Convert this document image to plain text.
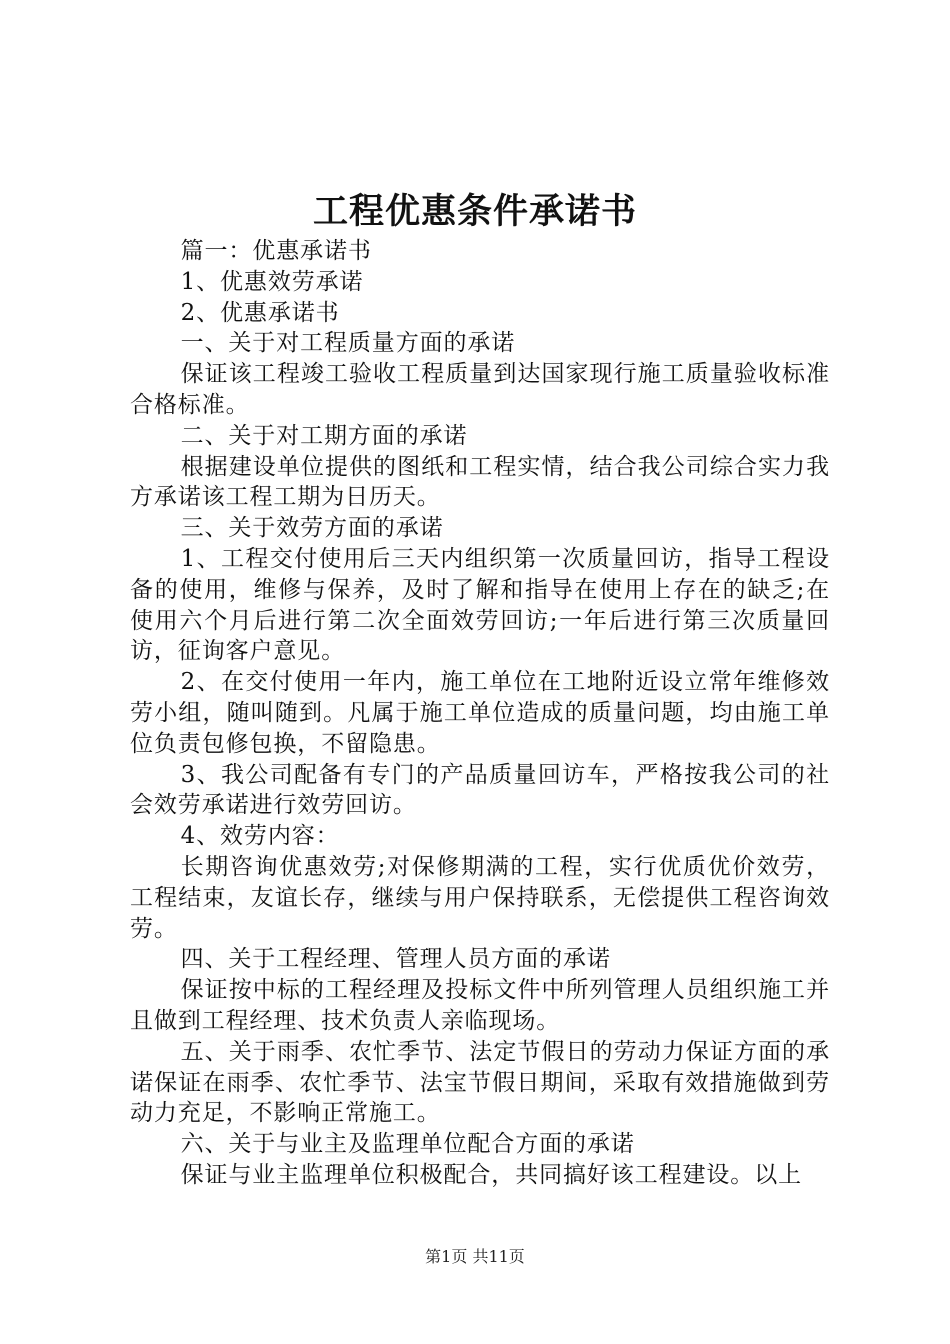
工程优惠条件承诺书

篇一：优惠承诺书

1、优惠效劳承诺

2、优惠承诺书

一、关于对工程质量方面的承诺

保证该工程竣工验收工程质量到达国家现行施工质量验收标准合格标准。

二、关于对工期方面的承诺

根据建设单位提供的图纸和工程实情，结合我公司综合实力我方承诺该工程工期为日历天。

三、关于效劳方面的承诺

1、工程交付使用后三天内组织第一次质量回访，指导工程设备的使用，维修与保养，及时了解和指导在使用上存在的缺乏;在使用六个月后进行第二次全面效劳回访;一年后进行第三次质量回访，征询客户意见。

2、在交付使用一年内，施工单位在工地附近设立常年维修效劳小组，随叫随到。凡属于施工单位造成的质量问题，均由施工单位负责包修包换，不留隐患。

3、我公司配备有专门的产品质量回访车，严格按我公司的社会效劳承诺进行效劳回访。

4、效劳内容：

长期咨询优惠效劳;对保修期满的工程，实行优质优价效劳，工程结束，友谊长存，继续与用户保持联系，无偿提供工程咨询效劳。

四、关于工程经理、管理人员方面的承诺

保证按中标的工程经理及投标文件中所列管理人员组织施工并且做到工程经理、技术负责人亲临现场。

五、关于雨季、农忙季节、法定节假日的劳动力保证方面的承诺保证在雨季、农忙季节、法宝节假日期间，采取有效措施做到劳动力充足，不影响正常施工。

六、关于与业主及监理单位配合方面的承诺

保证与业主监理单位积极配合，共同搞好该工程建设。以上

第1页 共11页
